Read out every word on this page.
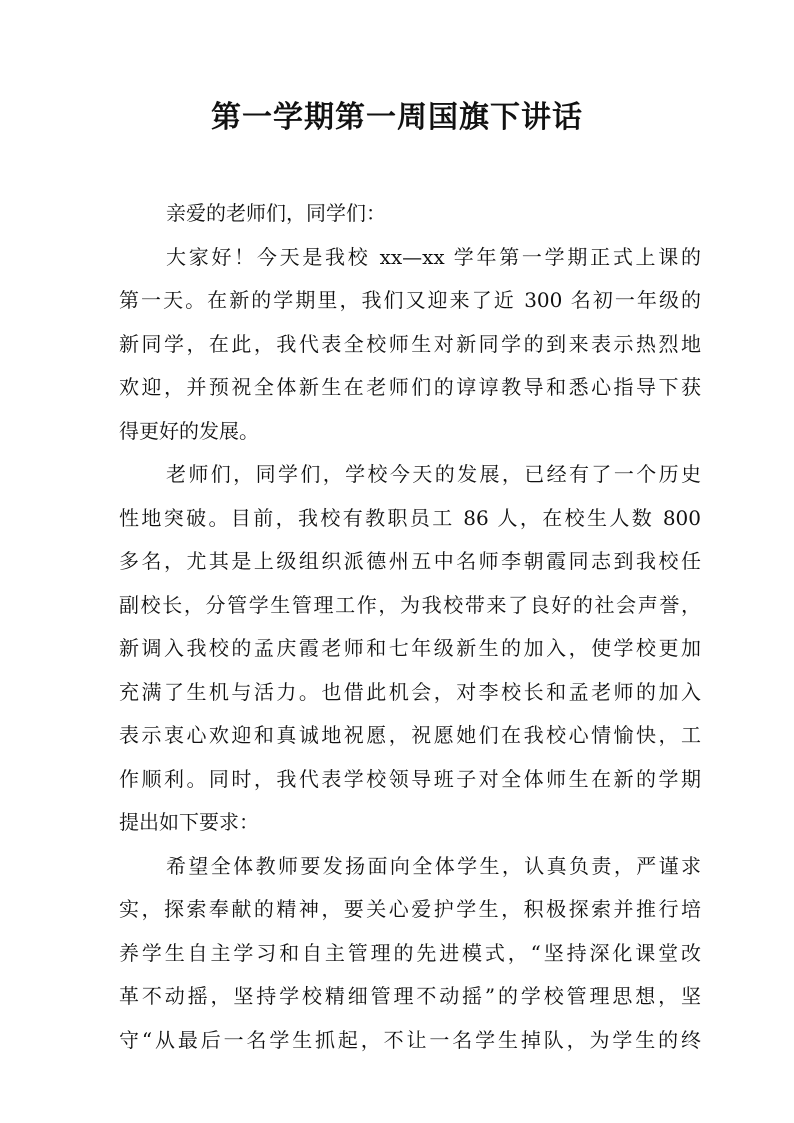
第一学期第一周国旗下讲话
亲爱的老师们，同学们：
大家好！今天是我校 xx—xx 学年第一学期正式上课的
第一天。在新的学期里，我们又迎来了近 300 名初一年级的
新同学，在此，我代表全校师生对新同学的到来表示热烈地
欢迎，并预祝全体新生在老师们的谆谆教导和悉心指导下获
得更好的发展。
老师们，同学们，学校今天的发展，已经有了一个历史
性地突破。目前，我校有教职员工 86 人，在校生人数 800
多名，尤其是上级组织派德州五中名师李朝霞同志到我校任
副校长，分管学生管理工作，为我校带来了良好的社会声誉，
新调入我校的孟庆霞老师和七年级新生的加入，使学校更加
充满了生机与活力。也借此机会，对李校长和孟老师的加入
表示衷心欢迎和真诚地祝愿，祝愿她们在我校心情愉快，工
作顺利。同时，我代表学校领导班子对全体师生在新的学期
提出如下要求：
希望全体教师要发扬面向全体学生，认真负责，严谨求
实，探索奉献的精神，要关心爱护学生，积极探索并推行培
养学生自主学习和自主管理的先进模式，“坚持深化课堂改
革不动摇，坚持学校精细管理不动摇”的学校管理思想，坚
守“从最后一名学生抓起，不让一名学生掉队，为学生的终
